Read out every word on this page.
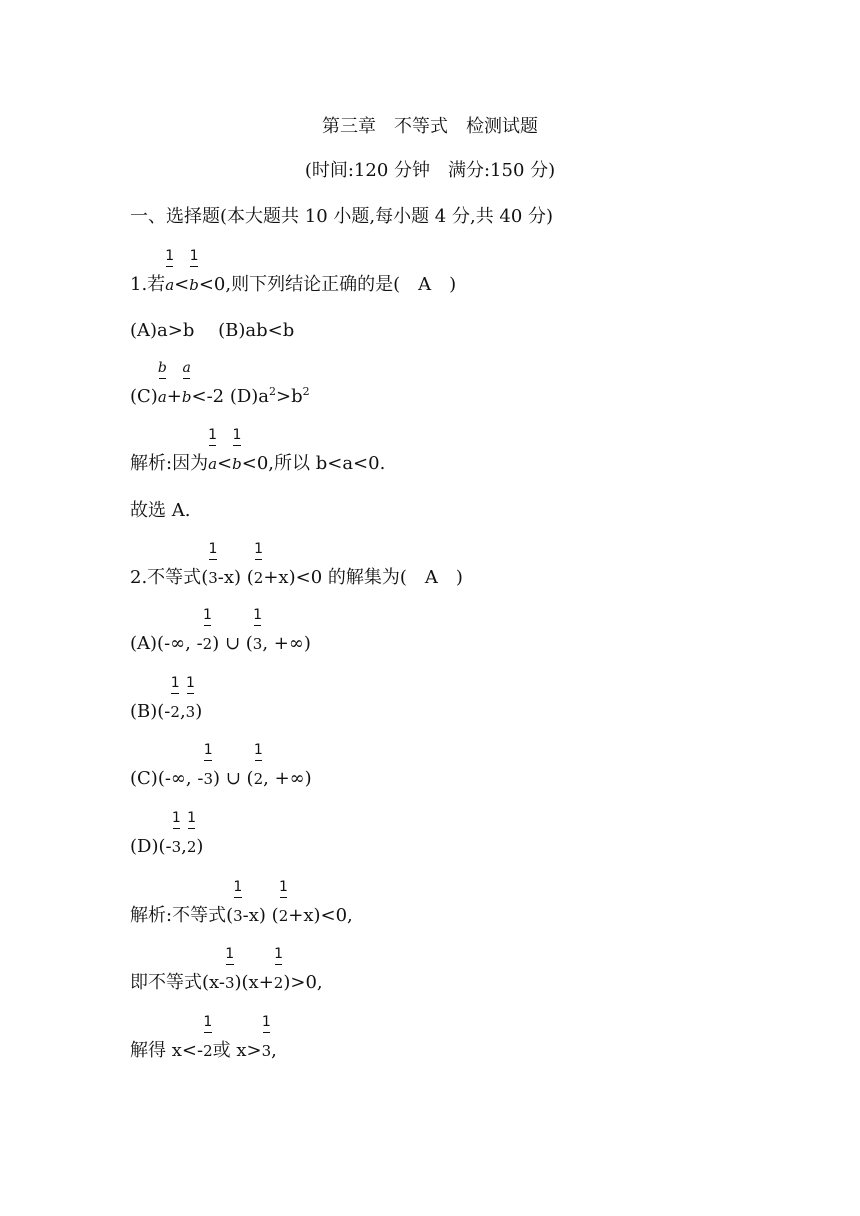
第三章　不等式　检测试题
(时间:120 分钟　满分:150 分)
一、选择题(本大题共 10 小题,每小题 4 分,共 40 分)
1.若 $\frac{1}{a}< \frac{1}{b}<0$,则下列结论正确的是(　A　)
(A)a>b　 (B)ab<b
$(C) \frac{b}{a}+ \frac{a}{b}<-2$ $(D)a^2>b^2$
解析:因为 $\frac{1}{a}< \frac{1}{b}<0$,所以 b<a<0.
故选 A.
2.不等式( $\frac{1}{3}-x$) ( $\frac{1}{2}+x)<0$ 的解集为(　A　)
(A)(-∞, - $\frac{1}{2}$) ∪ ( $\frac{1}{3}$, +∞)
$(B)(- \frac{1}{2}$, $\frac{1}{3}$)
(C)(-∞, - $\frac{1}{3}$) ∪ ( $\frac{1}{2}$, +∞)
$(D)(- \frac{1}{3}$, $\frac{1}{2}$)
解析:不等式( $\frac{1}{3}-x$) ( $\frac{1}{2}+x)<0$,
即不等式$(x- \frac{1}{3})(x+ \frac{1}{2})>0$,
解得 $x<- \frac{1}{2}$或 $x> \frac{1}{3}$,
